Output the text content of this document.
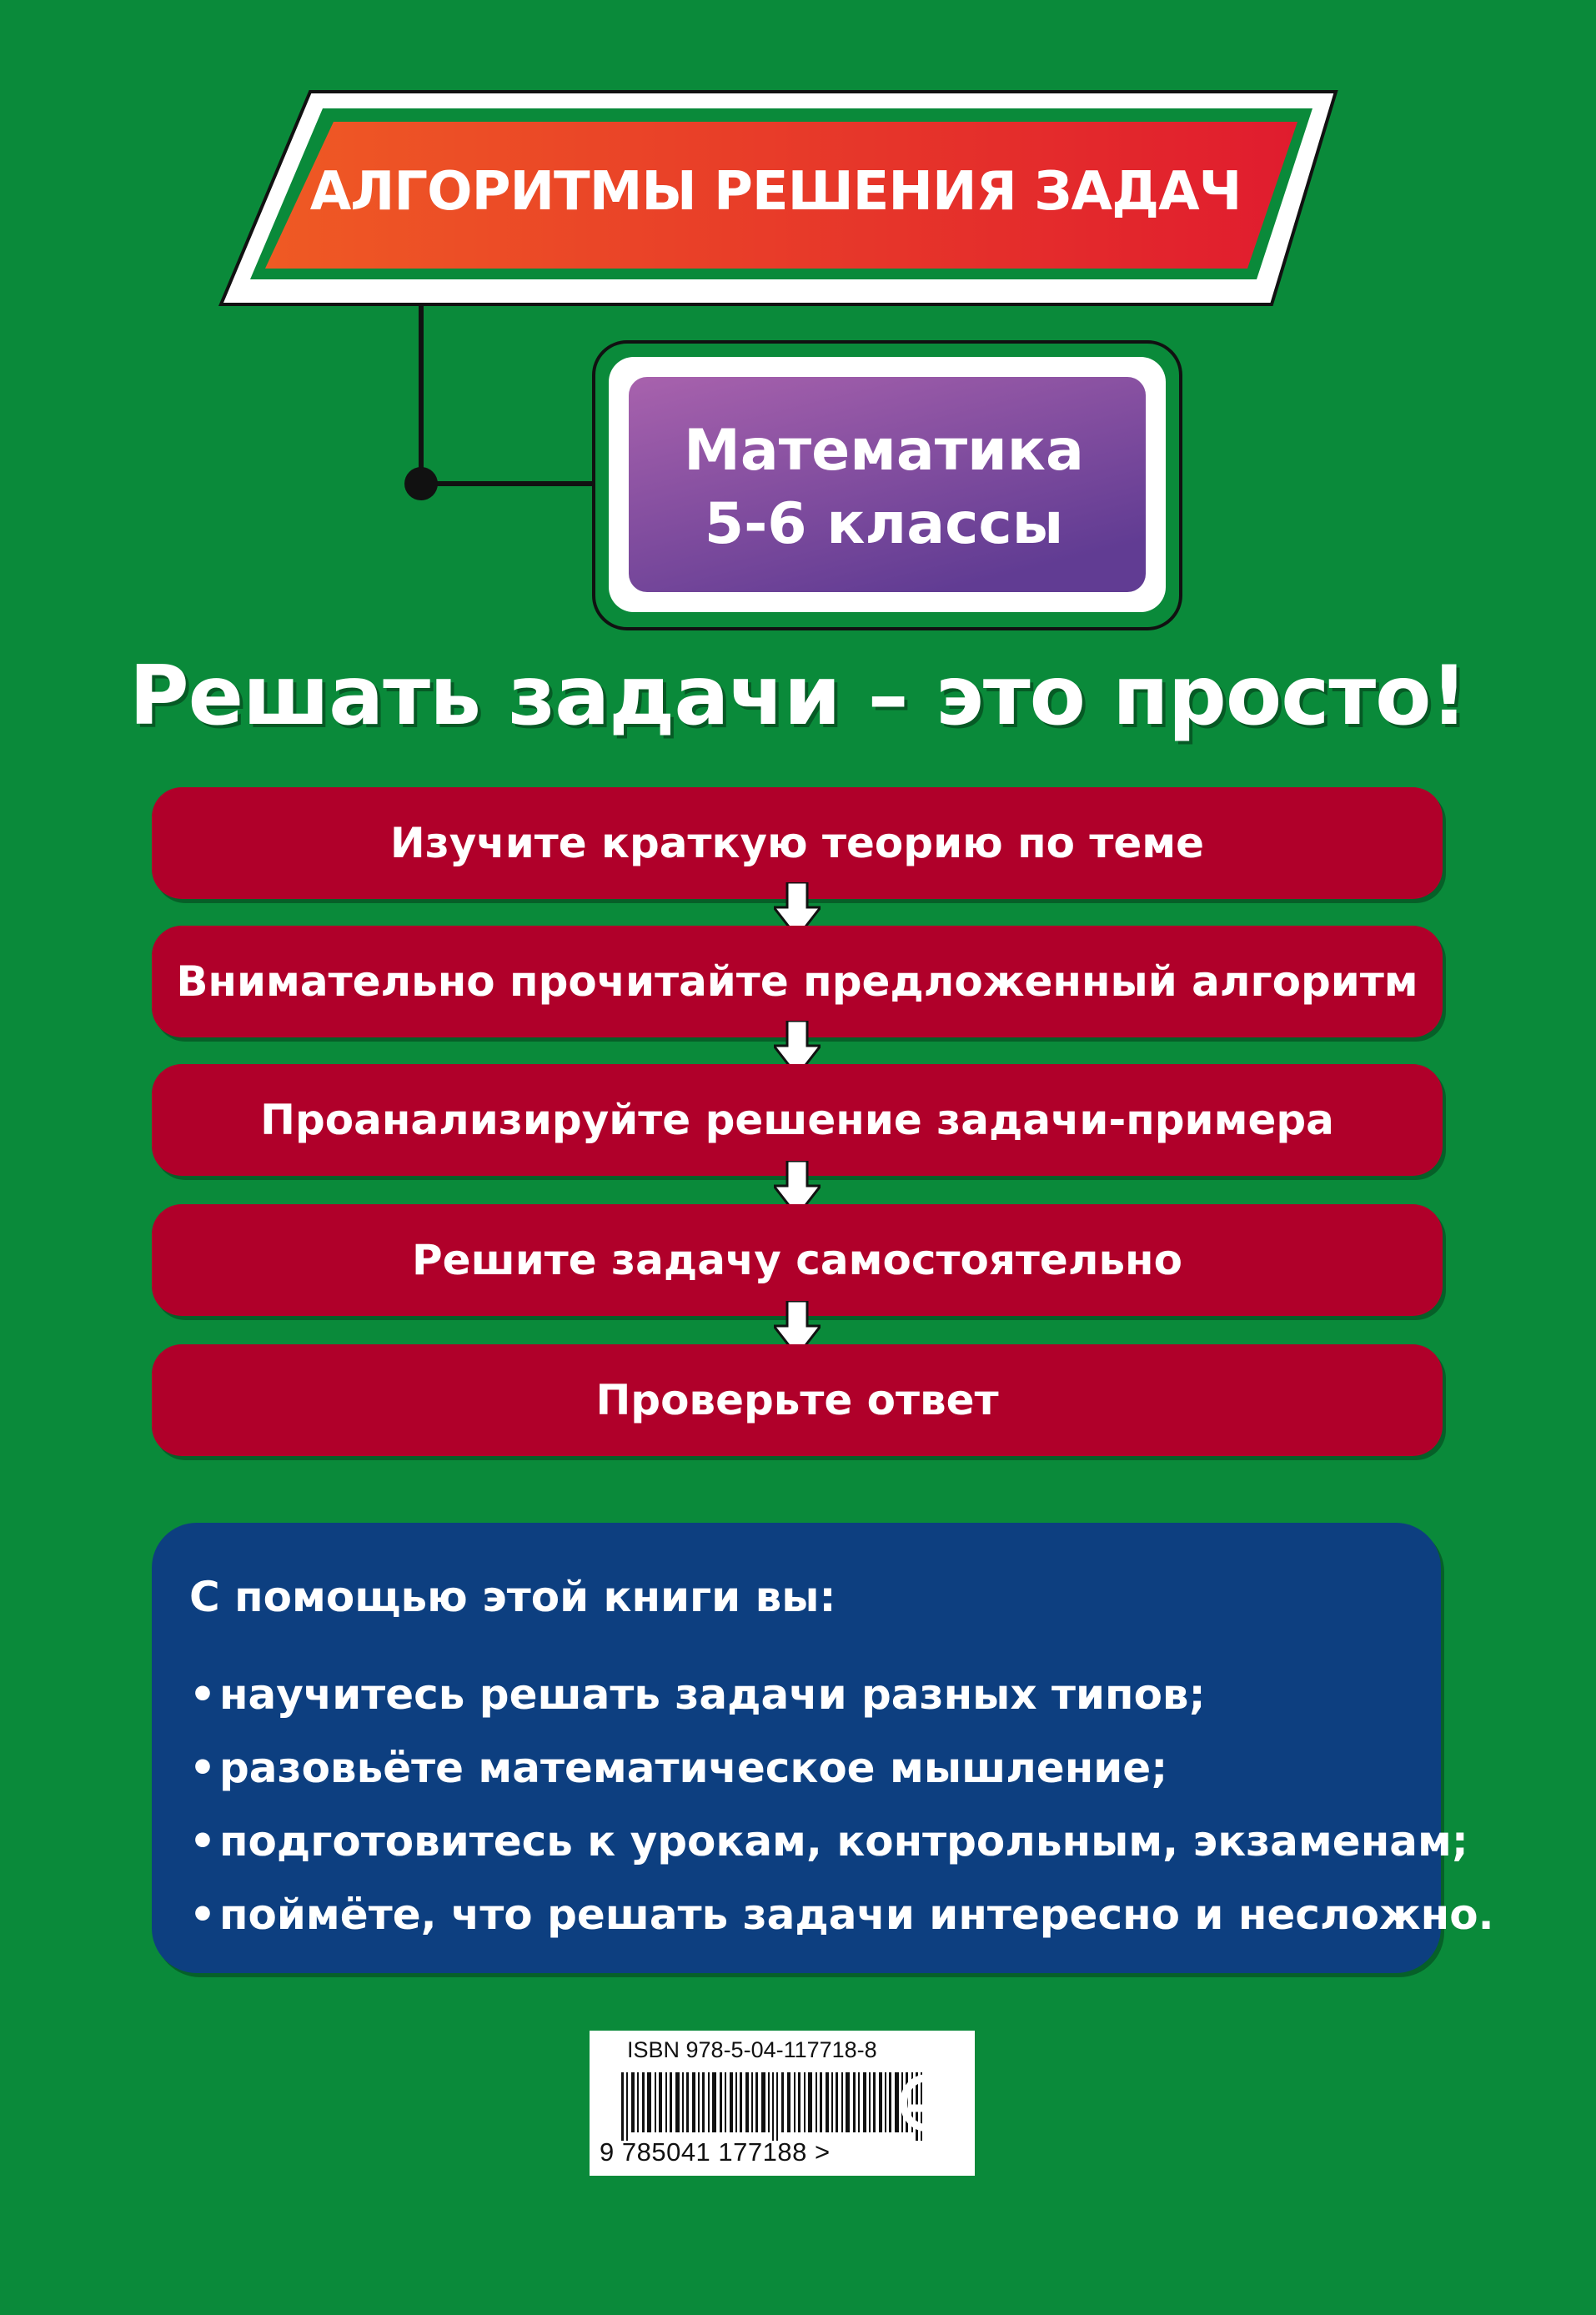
АЛГОРИТМЫ РЕШЕНИЯ ЗАДАЧ
Математика
5-6 классы
Решать задачи – это просто!
Изучите краткую теорию по теме
Внимательно прочитайте предложенный алгоритм
Проанализируйте решение задачи-примера
Решите задачу самостоятельно
Проверьте ответ
С помощью этой книги вы:
•научитесь решать задачи разных типов;
•разовьёте математическое мышление;
•подготовитесь к урокам, контрольным, экзаменам;
•поймёте, что решать задачи интересно и несложно.
ISBN 978-5-04-117718-8
9 785041 177188 >
